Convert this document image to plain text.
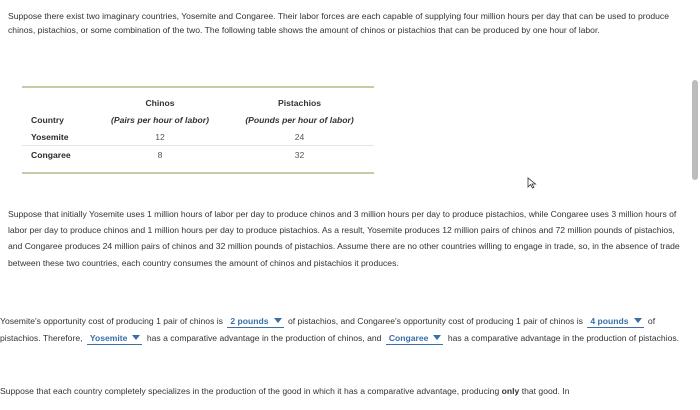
Suppose there exist two imaginary countries, Yosemite and Congaree. Their labor forces are each capable of supplying four million hours per day that can be used to produce chinos, pistachios, or some combination of the two. The following table shows the amount of chinos or pistachios that can be produced by one hour of labor.
	Chinos	Pistachios
Country	(Pairs per hour of labor)	(Pounds per hour of labor)
Yosemite	12	24
Congaree	8	32
Suppose that initially Yosemite uses 1 million hours of labor per day to produce chinos and 3 million hours per day to produce pistachios, while Congaree uses 3 million hours of labor per day to produce chinos and 1 million hours per day to produce pistachios. As a result, Yosemite produces 12 million pairs of chinos and 72 million pounds of pistachios, and Congaree produces 24 million pairs of chinos and 32 million pounds of pistachios. Assume there are no other countries willing to engage in trade, so, in the absence of trade between these two countries, each country consumes the amount of chinos and pistachios it produces.
Yosemite's opportunity cost of producing 1 pair of chinos is 2 pounds of pistachios, and Congaree's opportunity cost of producing 1 pair of chinos is 4 pounds of pistachios. Therefore, Yosemite has a comparative advantage in the production of chinos, and Congaree has a comparative advantage in the production of pistachios.
Suppose that each country completely specializes in the production of the good in which it has a comparative advantage, producing only that good. In
